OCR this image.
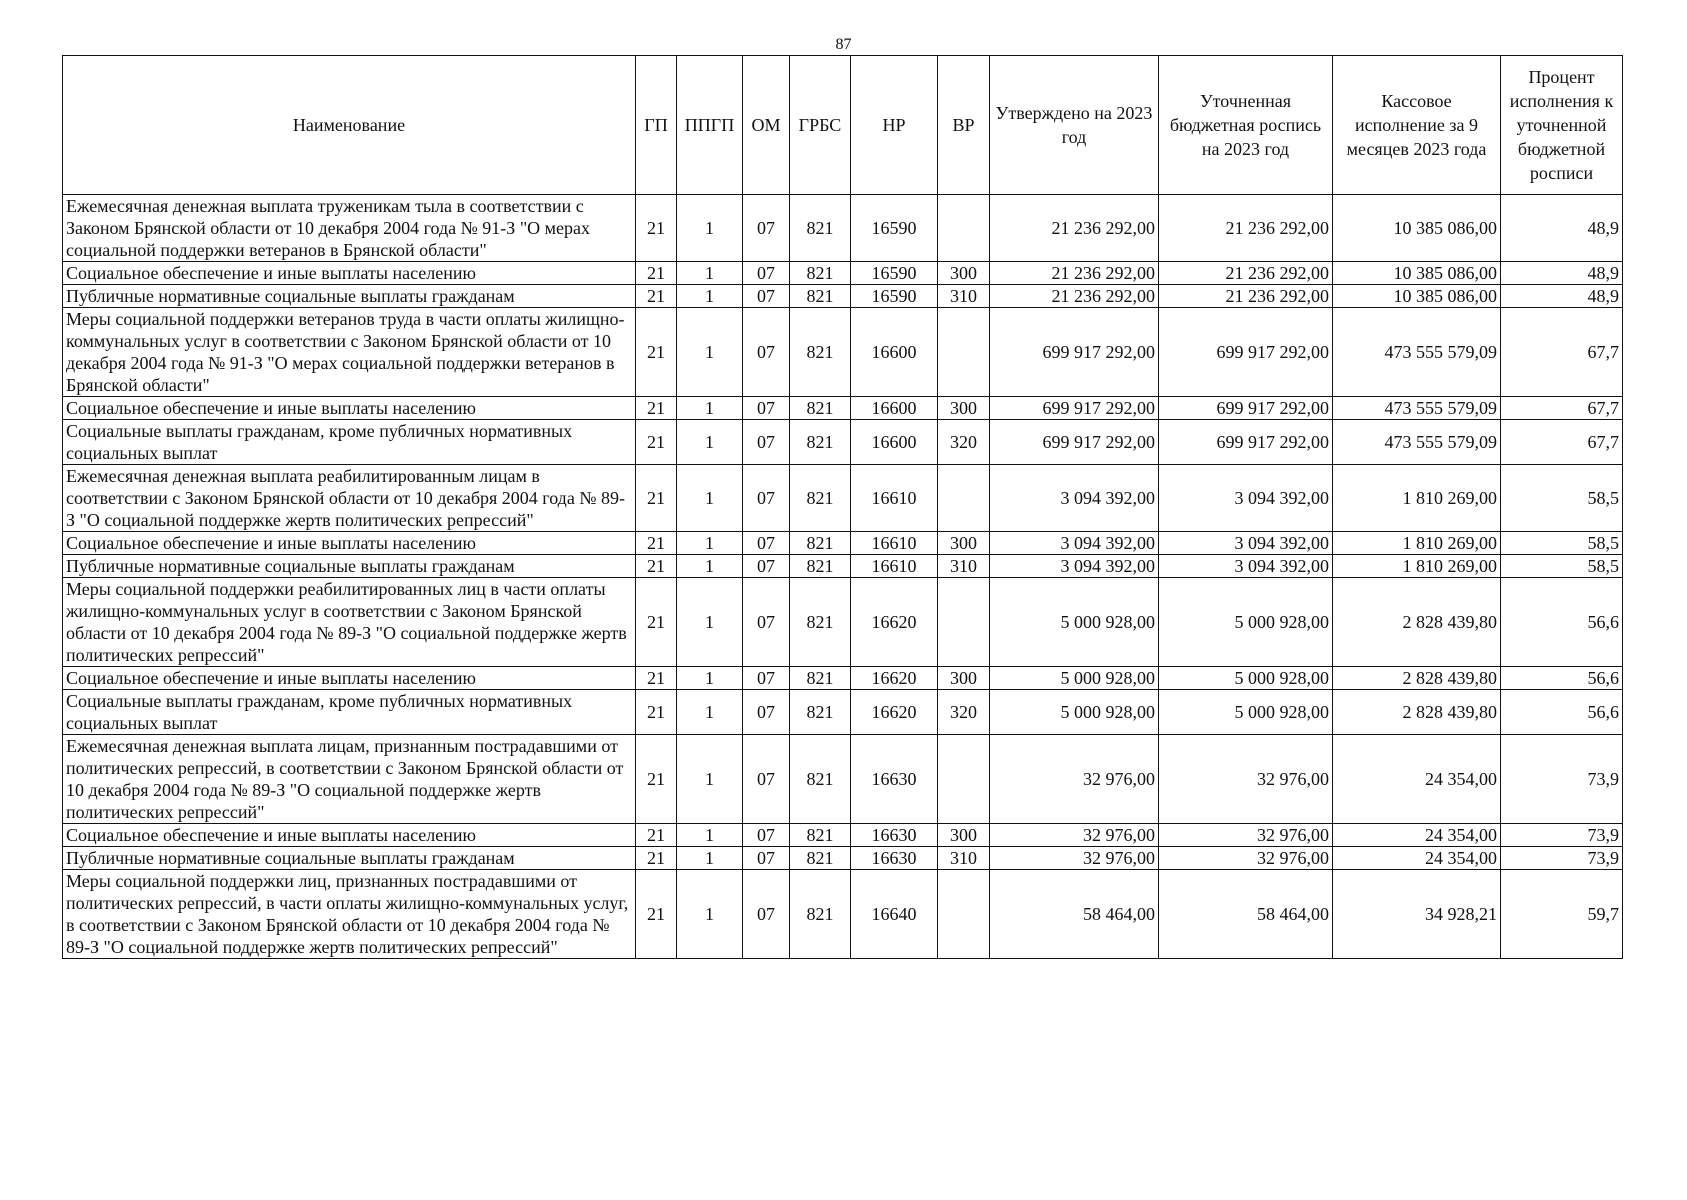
87
Наименование	ГП	ППГП	ОМ	ГРБС	НР	ВР	Утверждено на 2023 год	Уточненная бюджетная роспись на 2023 год	Кассовое исполнение за 9 месяцев 2023 года	Процент исполнения к уточненной бюджетной росписи
Ежемесячная денежная выплата труженикам тыла в соответствии с Законом Брянской области от 10 декабря 2004 года № 91-З "О мерах социальной поддержки ветеранов в Брянской области"	21	1	07	821	16590		21 236 292,00	21 236 292,00	10 385 086,00	48,9
Социальное обеспечение и иные выплаты населению	21	1	07	821	16590	300	21 236 292,00	21 236 292,00	10 385 086,00	48,9
Публичные нормативные социальные выплаты гражданам	21	1	07	821	16590	310	21 236 292,00	21 236 292,00	10 385 086,00	48,9
Меры социальной поддержки ветеранов труда в части оплаты жилищно-коммунальных услуг в соответствии с Законом Брянской области от 10 декабря 2004 года № 91-З "О мерах социальной поддержки ветеранов в Брянской области"	21	1	07	821	16600		699 917 292,00	699 917 292,00	473 555 579,09	67,7
Социальное обеспечение и иные выплаты населению	21	1	07	821	16600	300	699 917 292,00	699 917 292,00	473 555 579,09	67,7
Социальные выплаты гражданам, кроме публичных нормативных социальных выплат	21	1	07	821	16600	320	699 917 292,00	699 917 292,00	473 555 579,09	67,7
Ежемесячная денежная выплата реабилитированным лицам в соответствии с Законом Брянской области от 10 декабря 2004 года № 89-З "О социальной поддержке жертв политических репрессий"	21	1	07	821	16610		3 094 392,00	3 094 392,00	1 810 269,00	58,5
Социальное обеспечение и иные выплаты населению	21	1	07	821	16610	300	3 094 392,00	3 094 392,00	1 810 269,00	58,5
Публичные нормативные социальные выплаты гражданам	21	1	07	821	16610	310	3 094 392,00	3 094 392,00	1 810 269,00	58,5
Меры социальной поддержки реабилитированных лиц в части оплаты жилищно-коммунальных услуг в соответствии с Законом Брянской области от 10 декабря 2004 года № 89-З "О социальной поддержке жертв политических репрессий"	21	1	07	821	16620		5 000 928,00	5 000 928,00	2 828 439,80	56,6
Социальное обеспечение и иные выплаты населению	21	1	07	821	16620	300	5 000 928,00	5 000 928,00	2 828 439,80	56,6
Социальные выплаты гражданам, кроме публичных нормативных социальных выплат	21	1	07	821	16620	320	5 000 928,00	5 000 928,00	2 828 439,80	56,6
Ежемесячная денежная выплата лицам, признанным пострадавшими от политических репрессий, в соответствии с Законом Брянской области от 10 декабря 2004 года № 89-З "О социальной поддержке жертв политических репрессий"	21	1	07	821	16630		32 976,00	32 976,00	24 354,00	73,9
Социальное обеспечение и иные выплаты населению	21	1	07	821	16630	300	32 976,00	32 976,00	24 354,00	73,9
Публичные нормативные социальные выплаты гражданам	21	1	07	821	16630	310	32 976,00	32 976,00	24 354,00	73,9
Меры социальной поддержки лиц, признанных пострадавшими от политических репрессий, в части оплаты жилищно-коммунальных услуг, в соответствии с Законом Брянской области от 10 декабря 2004 года № 89-З "О социальной поддержке жертв политических репрессий"	21	1	07	821	16640		58 464,00	58 464,00	34 928,21	59,7
